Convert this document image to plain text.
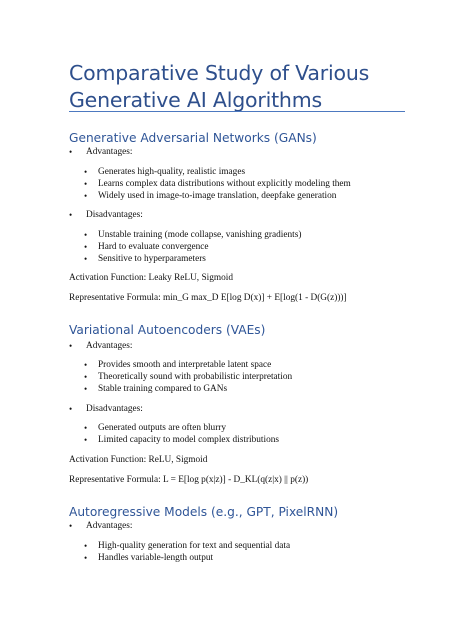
Comparative Study of Various Generative AI Algorithms
Generative Adversarial Networks (GANs)
• Advantages:
• Generates high-quality, realistic images
• Learns complex data distributions without explicitly modeling them
• Widely used in image-to-image translation, deepfake generation
• Disadvantages:
• Unstable training (mode collapse, vanishing gradients)
• Hard to evaluate convergence
• Sensitive to hyperparameters
Activation Function: Leaky ReLU, Sigmoid
Representative Formula: min_G max_D E[log D(x)] + E[log(1 - D(G(z)))]
Variational Autoencoders (VAEs)
• Advantages:
• Provides smooth and interpretable latent space
• Theoretically sound with probabilistic interpretation
• Stable training compared to GANs
• Disadvantages:
• Generated outputs are often blurry
• Limited capacity to model complex distributions
Activation Function: ReLU, Sigmoid
Representative Formula: L = E[log p(x|z)] - D_KL(q(z|x) || p(z))
Autoregressive Models (e.g., GPT, PixelRNN)
• Advantages:
• High-quality generation for text and sequential data
• Handles variable-length output
